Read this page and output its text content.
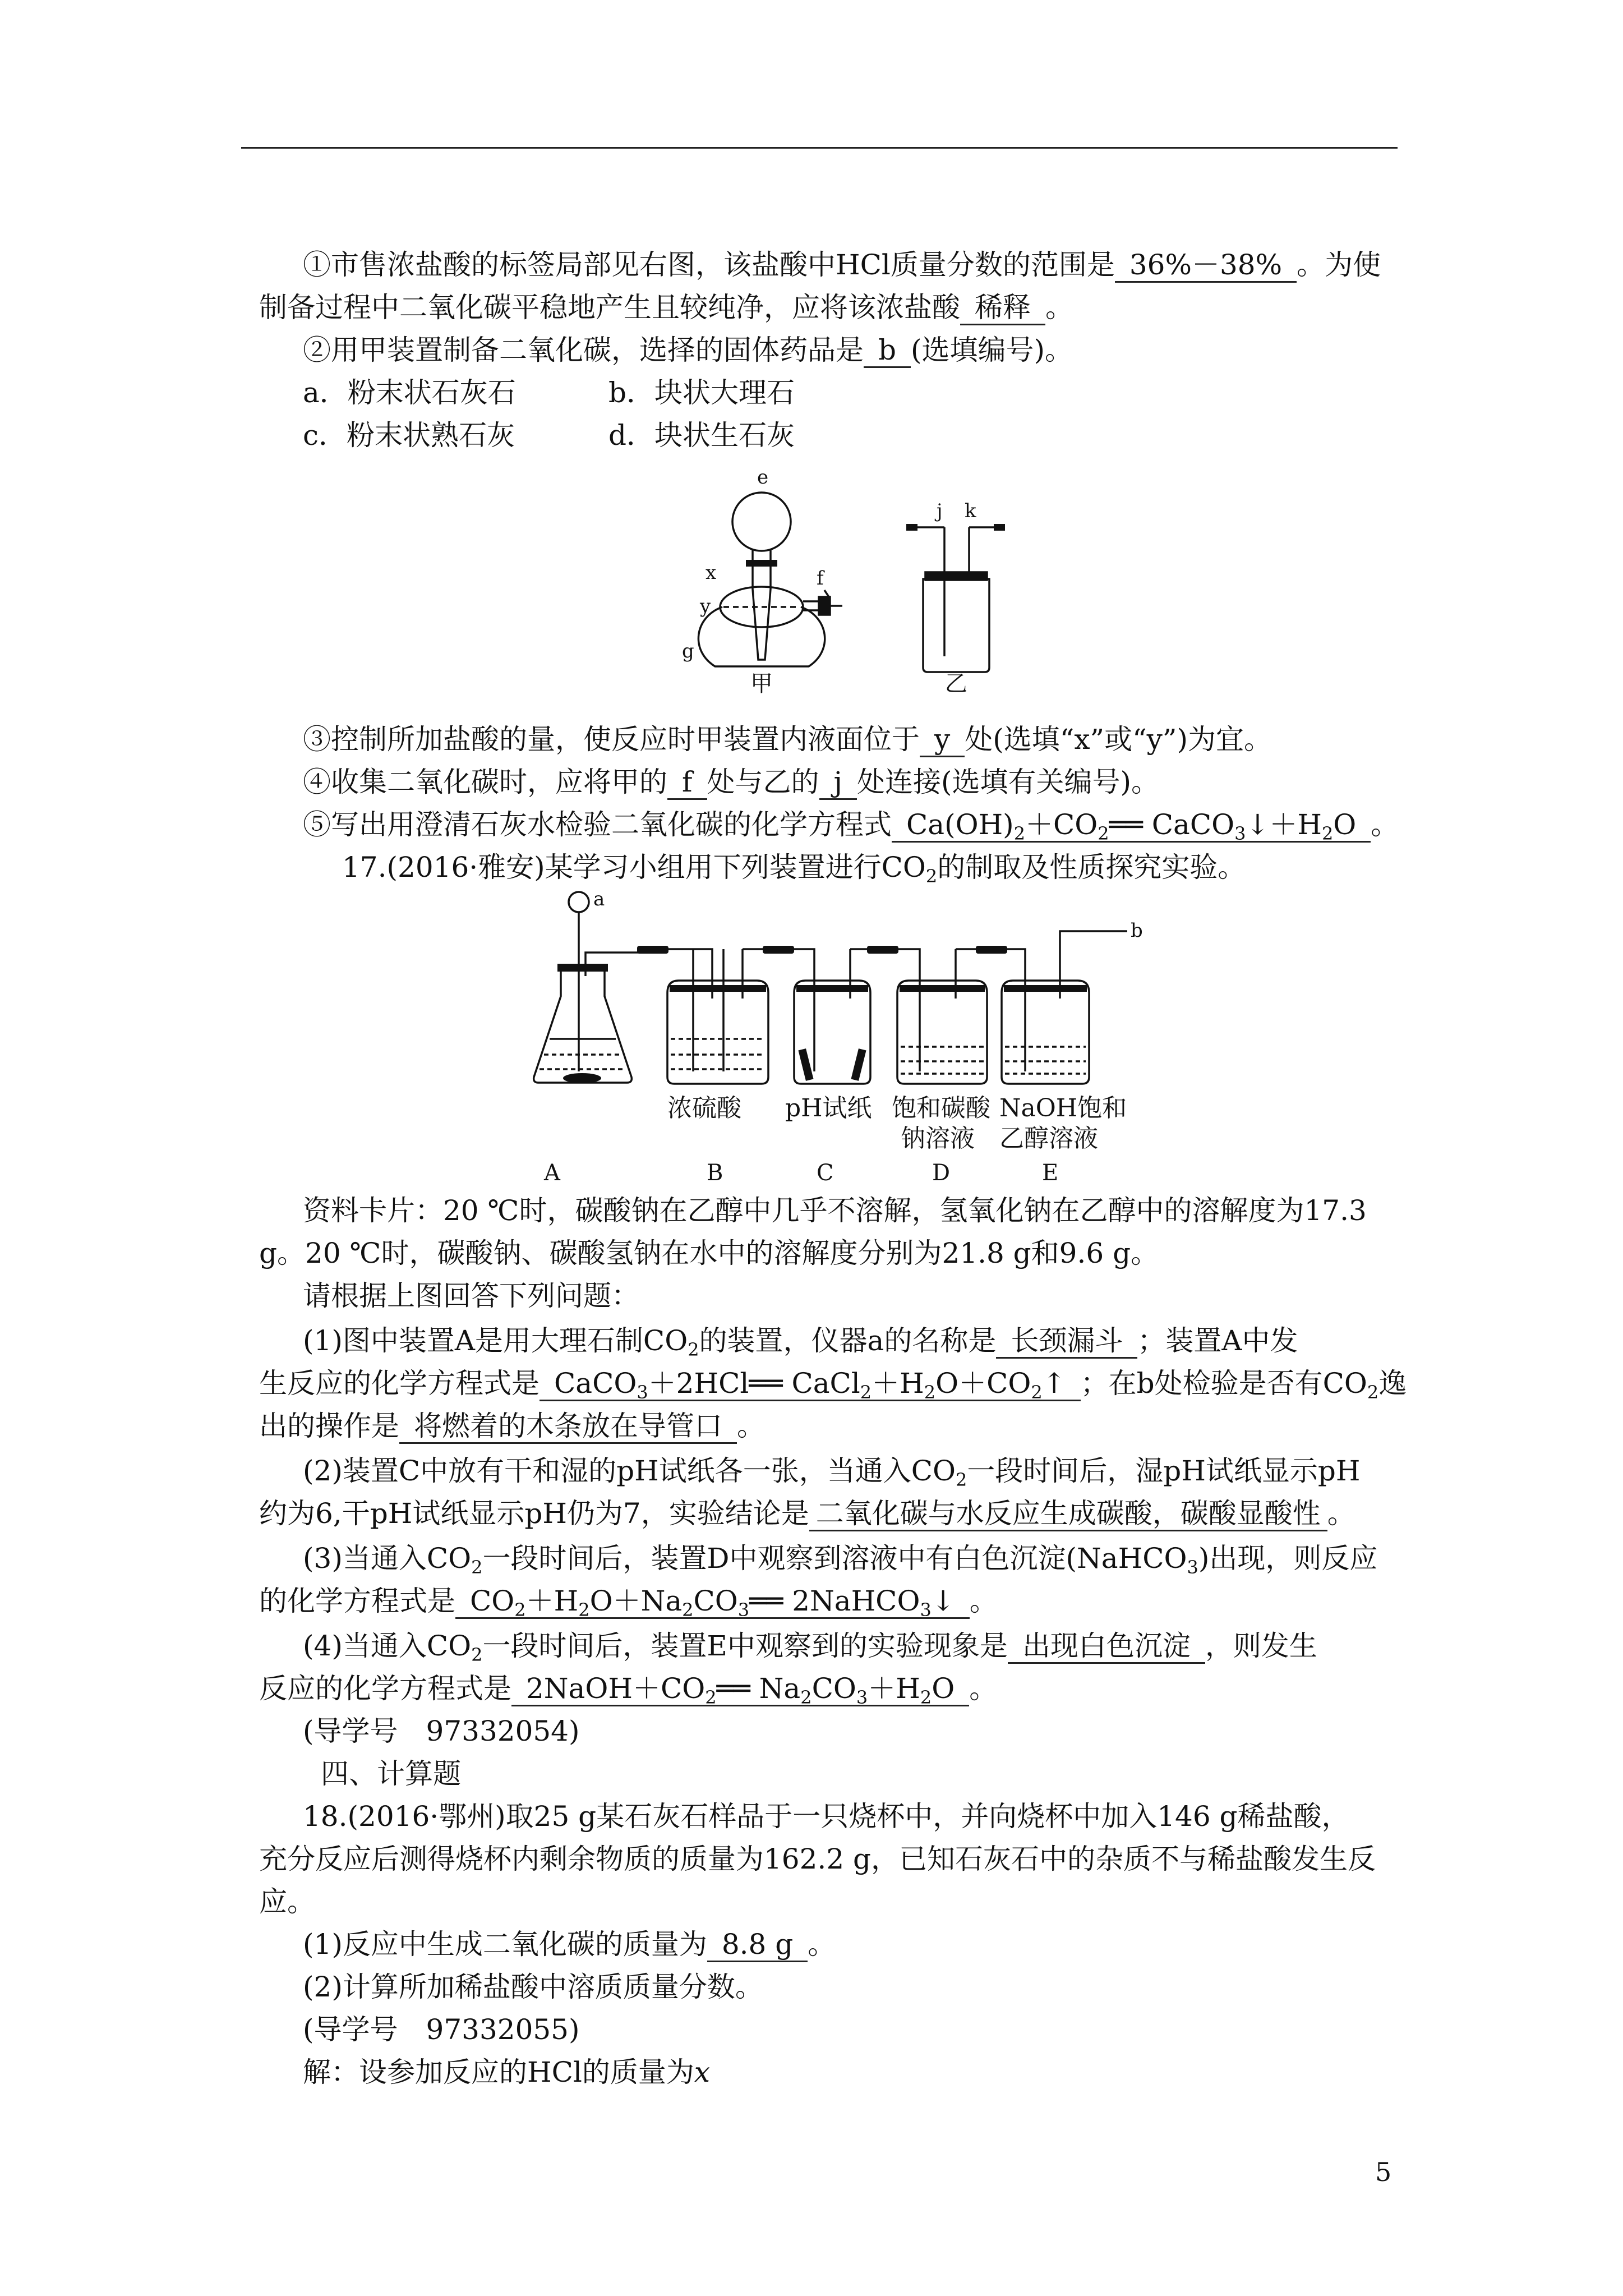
①市售浓盐酸的标签局部见右图，该盐酸中HCl质量分数的范围是 36%－38% 。为使
制备过程中二氧化碳平稳地产生且较纯净，应将该浓盐酸 稀释 。
②用甲装置制备二氧化碳，选择的固体药品是 b (选填编号)。
a．粉末状石灰石	b．块状大理石
c．粉末状熟石灰	d．块状生石灰
e
x	f
y
g
甲
j k
乙
③控制所加盐酸的量，使反应时甲装置内液面位于 y 处(选填“x”或“y”)为宜。
④收集二氧化碳时，应将甲的 f 处与乙的 j 处连接(选填有关编号)。
⑤写出用澄清石灰水检验二氧化碳的化学方程式 $Ca(OH)_2+CO_2══$ $CaCO_3↓+H_2O$ 。
17.(2016·雅安)某学习小组用下列装置进行$CO_2$的制取及性质探究实验。
a
b
浓硫酸 pH试纸 饱和碳酸
钠溶液
NaOH饱和
乙醇溶液
A	B	C	D	E
资料卡片：20 ℃时，碳酸钠在乙醇中几乎不溶解，氢氧化钠在乙醇中的溶解度为17.3
g。20 ℃时，碳酸钠、碳酸氢钠在水中的溶解度分别为21.8 g和9.6 g。
请根据上图回答下列问题：
(1)图中装置A是用大理石制$CO_2$的装置，仪器a的名称是 长颈漏斗 ；装置A中发
生反应的化学方程式是 CaCO$_3$＋2HCl══ $CaCl_2+H_2O+CO_2↑$ ；在b处检验是否有$CO_2$逸
出的操作是 将燃着的木条放在导管口 。
(2)装置C中放有干和湿的pH试纸各一张，当通入$CO_2$一段时间后，湿pH试纸显示pH
约为6,干pH试纸显示pH仍为7，实验结论是 二氧化碳与水反应生成碳酸，碳酸显酸性 。
(3)当通入$CO_2$一段时间后，装置D中观察到溶液中有白色沉淀(NaHCO$_3$)出现，则反应
的化学方程式是 $CO_2+H_2O+Na_2CO_3══$ 2NaHCO$_3$↓ 。
(4)当通入$CO_2$一段时间后，装置E中观察到的实验现象是 出现白色沉淀 ，则发生
反应的化学方程式是 $2NaOH+CO_2══$ $Na_2CO_3+H_2O$ 。
(导学号　97332054)
四、计算题
18.(2016·鄂州)取25 g某石灰石样品于一只烧杯中，并向烧杯中加入146 g稀盐酸，
充分反应后测得烧杯内剩余物质的质量为162.2 g，已知石灰石中的杂质不与稀盐酸发生反
应。
(1)反应中生成二氧化碳的质量为 8.8 g 。
(2)计算所加稀盐酸中溶质质量分数。
(导学号　97332055)
解：设参加反应的HCl的质量为x
5
